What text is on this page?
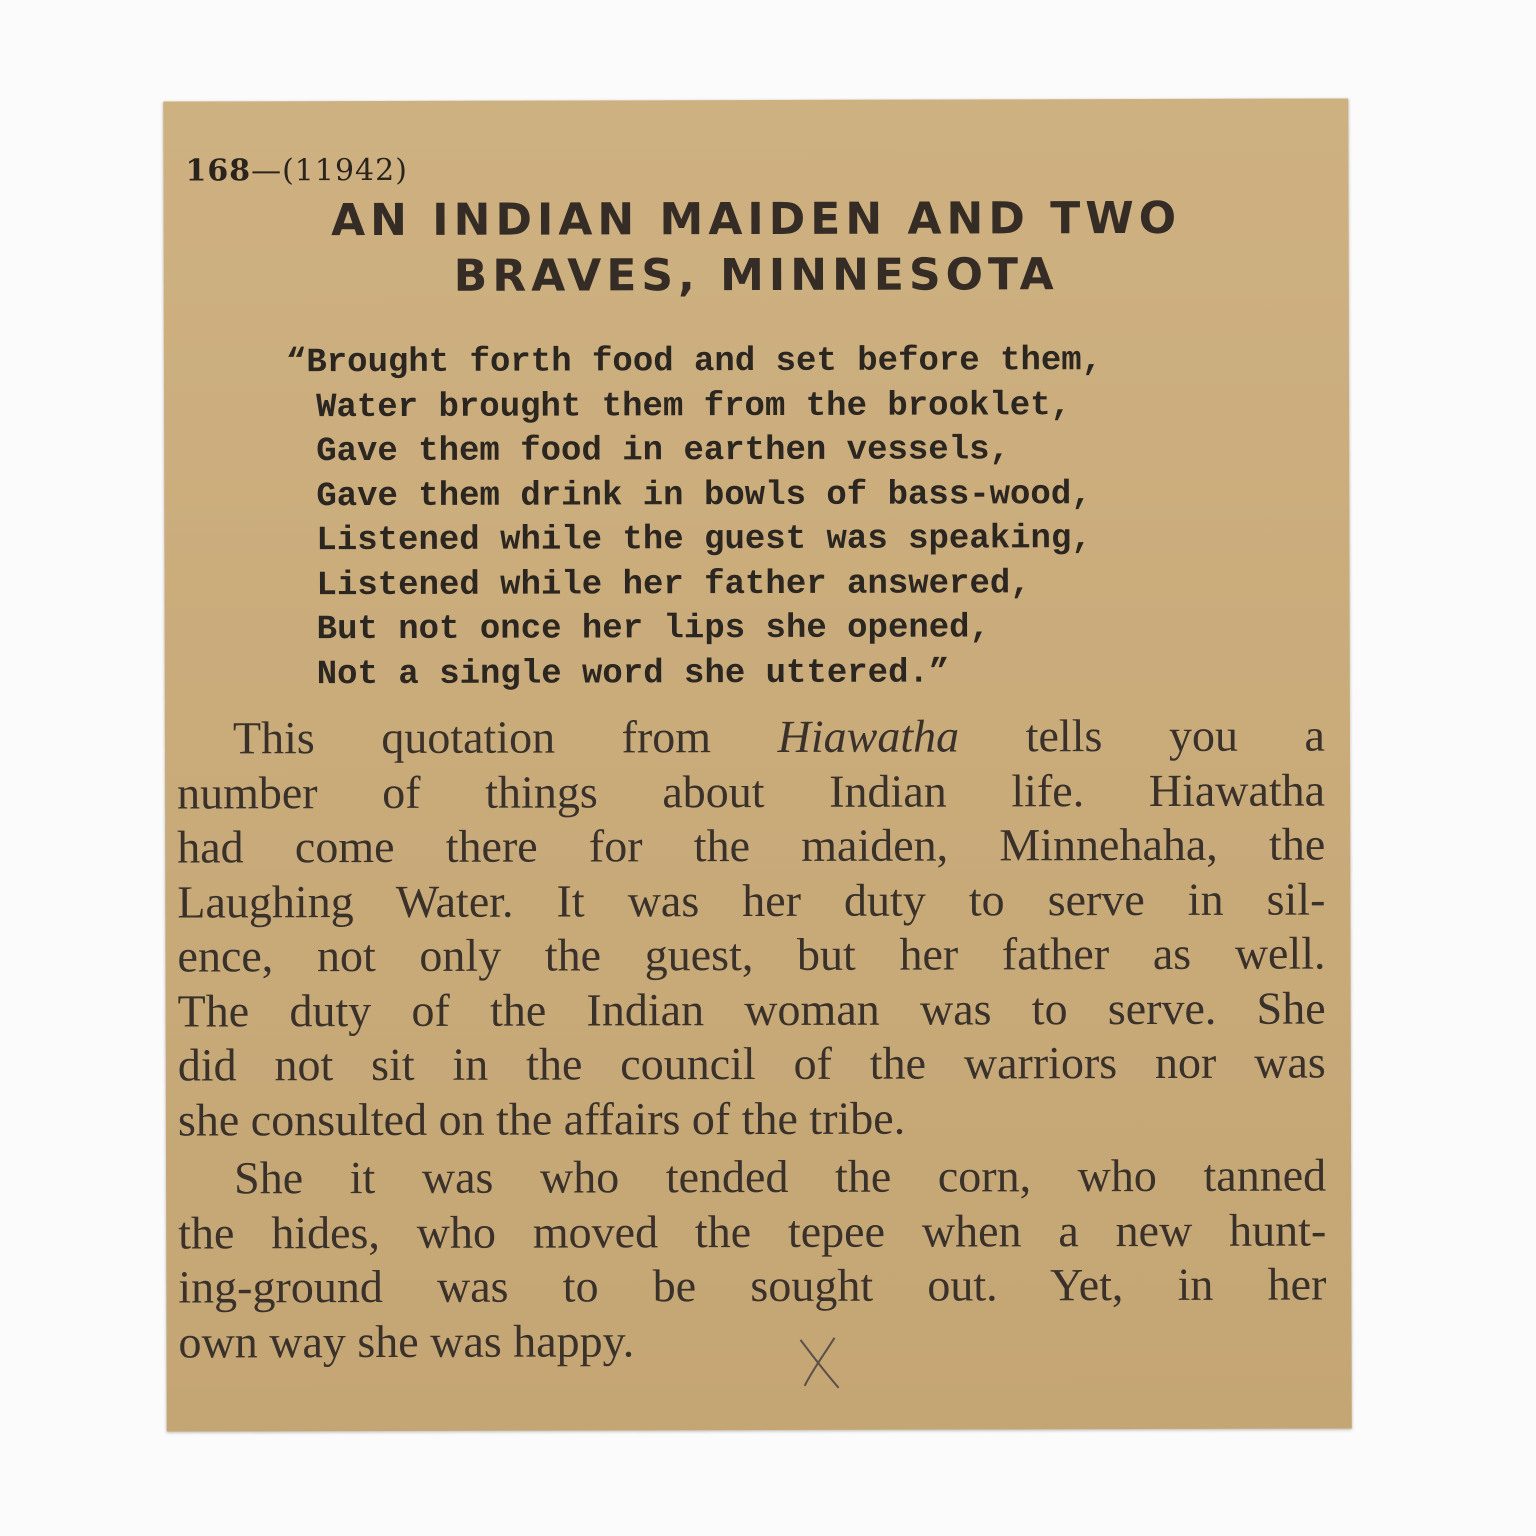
168—(11942)
AN INDIAN MAIDEN AND TWO
BRAVES, MINNESOTA
“Brought forth food and set before them,
Water brought them from the brooklet,
Gave them food in earthen vessels,
Gave them drink in bowls of bass-wood,
Listened while the guest was speaking,
Listened while her father answered,
But not once her lips she opened,
Not a single word she uttered.”
This quotation from Hiawatha tells you a
number of things about Indian life. Hiawatha
had come there for the maiden, Minnehaha, the
Laughing Water. It was her duty to serve in sil-
ence, not only the guest, but her father as well.
The duty of the Indian woman was to serve. She
did not sit in the council of the warriors nor was
she consulted on the affairs of the tribe.
She it was who tended the corn, who tanned
the hides, who moved the tepee when a new hunt-
ing-ground was to be sought out. Yet, in her
own way she was happy.
